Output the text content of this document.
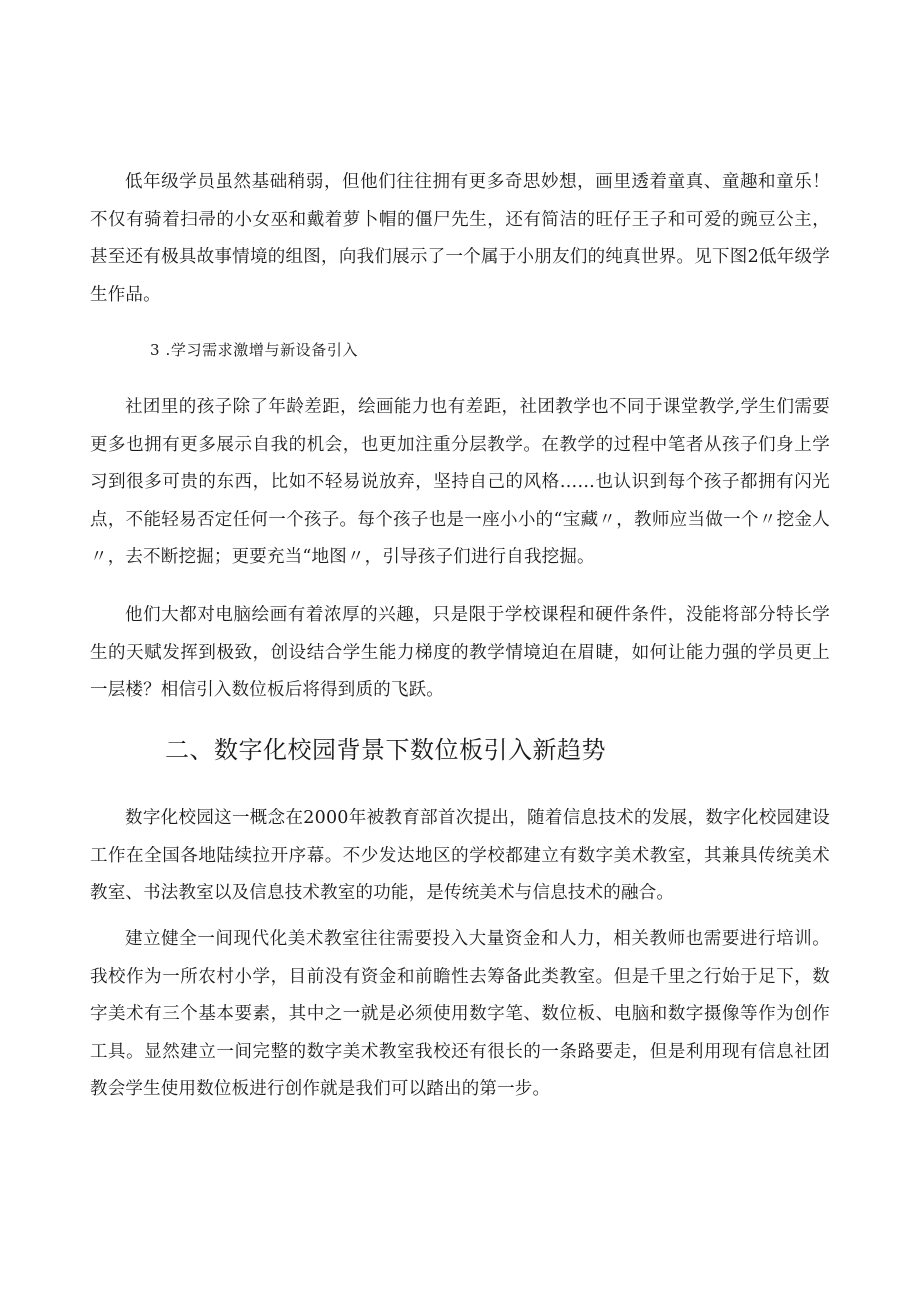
低年级学员虽然基础稍弱，但他们往往拥有更多奇思妙想，画里透着童真、童趣和童乐！不仅有骑着扫帚的小女巫和戴着萝卜帽的僵尸先生，还有简洁的旺仔王子和可爱的豌豆公主，甚至还有极具故事情境的组图，向我们展示了一个属于小朋友们的纯真世界。见下图2低年级学生作品。

3 .学习需求激增与新设备引入

社团里的孩子除了年龄差距，绘画能力也有差距，社团教学也不同于课堂教学,学生们需要更多也拥有更多展示自我的机会，也更加注重分层教学。在教学的过程中笔者从孩子们身上学习到很多可贵的东西，比如不轻易说放弃，坚持自己的风格……也认识到每个孩子都拥有闪光点，不能轻易否定任何一个孩子。每个孩子也是一座小小的“宝藏〃，教师应当做一个〃挖金人〃，去不断挖掘；更要充当“地图〃，引导孩子们进行自我挖掘。

他们大都对电脑绘画有着浓厚的兴趣，只是限于学校课程和硬件条件，没能将部分特长学生的天赋发挥到极致，创设结合学生能力梯度的教学情境迫在眉睫，如何让能力强的学员更上一层楼？相信引入数位板后将得到质的飞跃。

二、数字化校园背景下数位板引入新趋势

数字化校园这一概念在2000年被教育部首次提出，随着信息技术的发展，数字化校园建设工作在全国各地陆续拉开序幕。不少发达地区的学校都建立有数字美术教室，其兼具传统美术教室、书法教室以及信息技术教室的功能，是传统美术与信息技术的融合。

建立健全一间现代化美术教室往往需要投入大量资金和人力，相关教师也需要进行培训。我校作为一所农村小学，目前没有资金和前瞻性去筹备此类教室。但是千里之行始于足下，数字美术有三个基本要素，其中之一就是必须使用数字笔、数位板、电脑和数字摄像等作为创作工具。显然建立一间完整的数字美术教室我校还有很长的一条路要走，但是利用现有信息社团教会学生使用数位板进行创作就是我们可以踏出的第一步。
